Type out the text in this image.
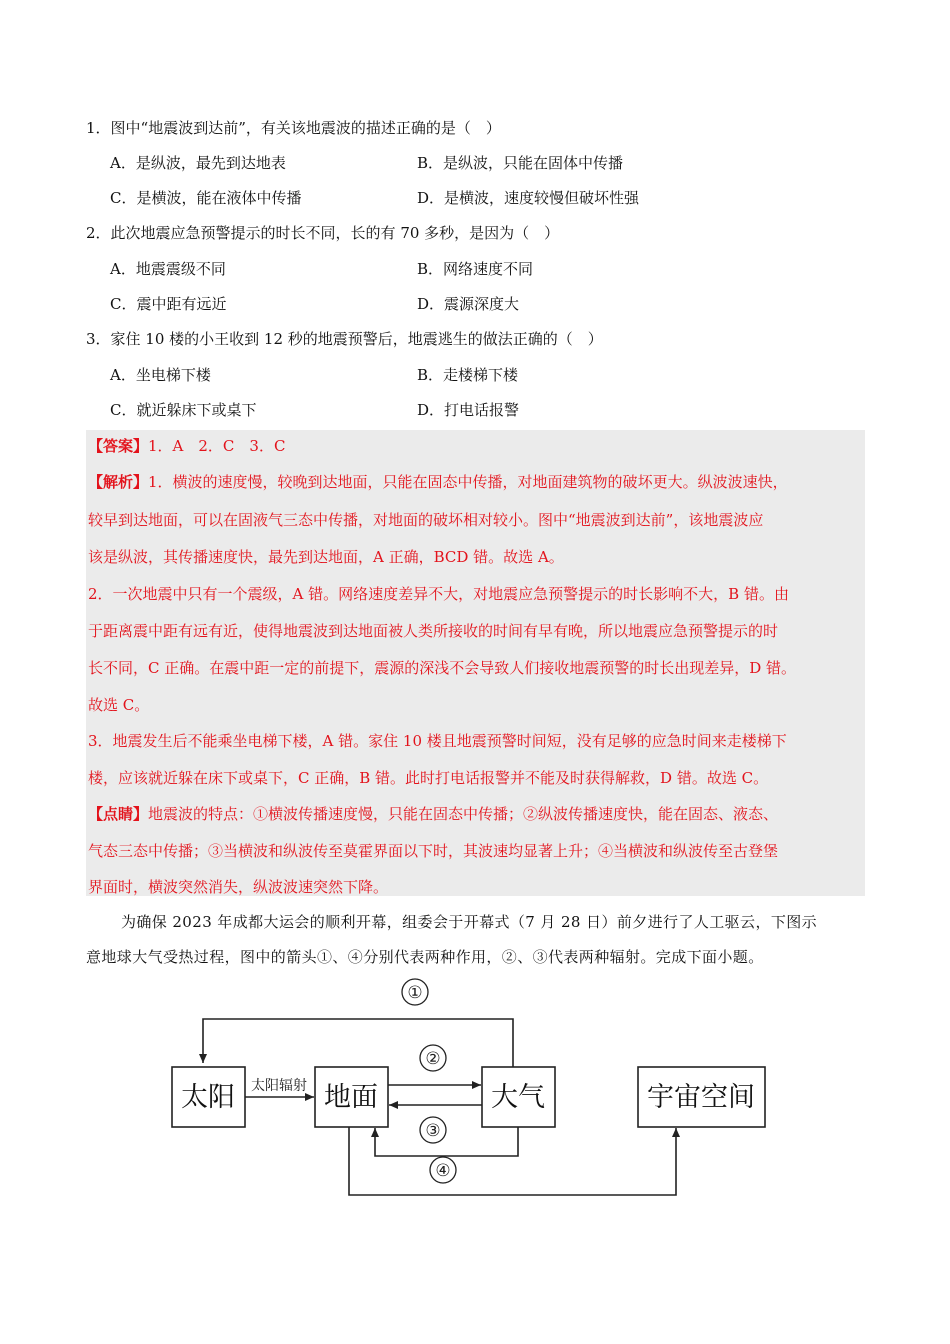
1．图中“地震波到达前”，有关该地震波的描述正确的是（　）
A．是纵波，最先到达地表	B．是纵波，只能在固体中传播
C．是横波，能在液体中传播	D．是横波，速度较慢但破坏性强
2．此次地震应急预警提示的时长不同，长的有 70 多秒，是因为（　）
A．地震震级不同	B．网络速度不同
C．震中距有远近	D．震源深度大
3．家住 10 楼的小王收到 12 秒的地震预警后，地震逃生的做法正确的（　）
A．坐电梯下楼	B．走楼梯下楼
C．就近躲床下或桌下	D．打电话报警
【答案】1．A　2．C　3．C
【解析】1．横波的速度慢，较晚到达地面，只能在固态中传播，对地面建筑物的破坏更大。纵波波速快，
较早到达地面，可以在固液气三态中传播，对地面的破坏相对较小。图中“地震波到达前”，该地震波应
该是纵波，其传播速度快，最先到达地面，A 正确，BCD 错。故选 A。
2．一次地震中只有一个震级，A 错。网络速度差异不大，对地震应急预警提示的时长影响不大，B 错。由
于距离震中距有远有近，使得地震波到达地面被人类所接收的时间有早有晚，所以地震应急预警提示的时
长不同，C 正确。在震中距一定的前提下，震源的深浅不会导致人们接收地震预警的时长出现差异，D 错。
故选 C。
3．地震发生后不能乘坐电梯下楼，A 错。家住 10 楼且地震预警时间短，没有足够的应急时间来走楼梯下
楼，应该就近躲在床下或桌下，C 正确，B 错。此时打电话报警并不能及时获得解救，D 错。故选 C。
【点睛】地震波的特点：①横波传播速度慢，只能在固态中传播；②纵波传播速度快，能在固态、液态、
气态三态中传播；③当横波和纵波传至莫霍界面以下时，其波速均显著上升；④当横波和纵波传至古登堡
界面时，横波突然消失，纵波波速突然下降。
为确保 2023 年成都大运会的顺利开幕，组委会于开幕式（7 月 28 日）前夕进行了人工驱云，下图示
意地球大气受热过程，图中的箭头①、④分别代表两种作用，②、③代表两种辐射。完成下面小题。
①
太阳	地面	大气	宇宙空间
太阳辐射
②
③
④
